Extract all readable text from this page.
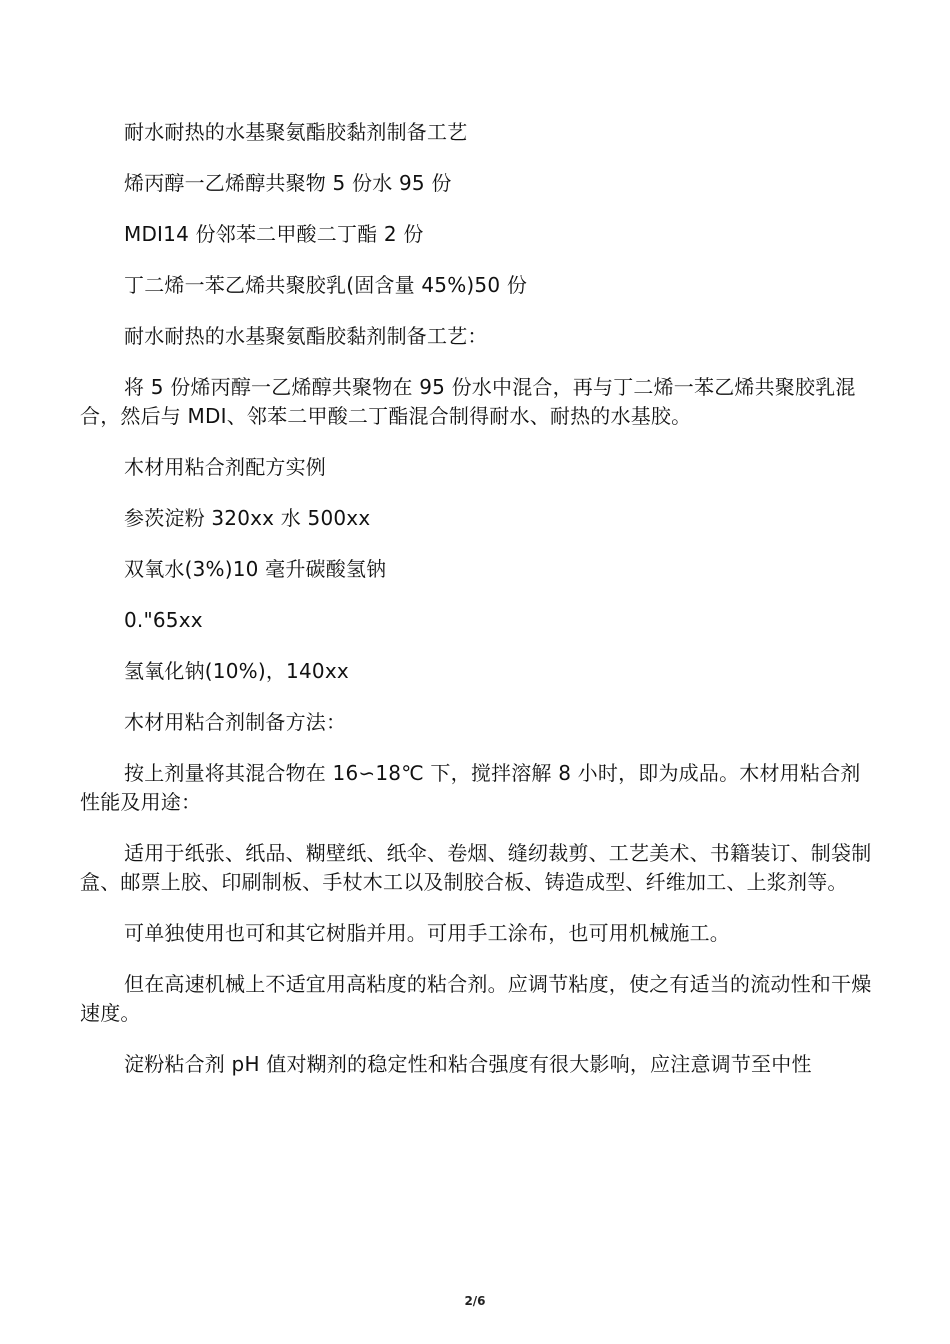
耐水耐热的水基聚氨酯胶黏剂制备工艺

烯丙醇一乙烯醇共聚物 5 份水 95 份

MDI14 份邻苯二甲酸二丁酯 2 份

丁二烯一苯乙烯共聚胶乳(固含量 45%)50 份

耐水耐热的水基聚氨酯胶黏剂制备工艺：

将 5 份烯丙醇一乙烯醇共聚物在 95 份水中混合，再与丁二烯一苯乙烯共聚胶乳混合，然后与 MDI、邻苯二甲酸二丁酯混合制得耐水、耐热的水基胶。

木材用粘合剂配方实例

参茨淀粉 320xx 水 500xx

双氧水(3%)10 毫升碳酸氢钠

0."65xx

氢氧化钠(10%)，140xx

木材用粘合剂制备方法：

按上剂量将其混合物在 16∽18℃ 下，搅拌溶解 8 小时，即为成品。木材用粘合剂性能及用途：

适用于纸张、纸品、糊壁纸、纸伞、卷烟、缝纫裁剪、工艺美术、书籍装订、制袋制盒、邮票上胶、印刷制板、手杖木工以及制胶合板、铸造成型、纤维加工、上浆剂等。

可单独使用也可和其它树脂并用。可用手工涂布，也可用机械施工。

但在高速机械上不适宜用高粘度的粘合剂。应调节粘度，使之有适当的流动性和干燥速度。

淀粉粘合剂 pH 值对糊剂的稳定性和粘合强度有很大影响，应注意调节至中性

2/6
